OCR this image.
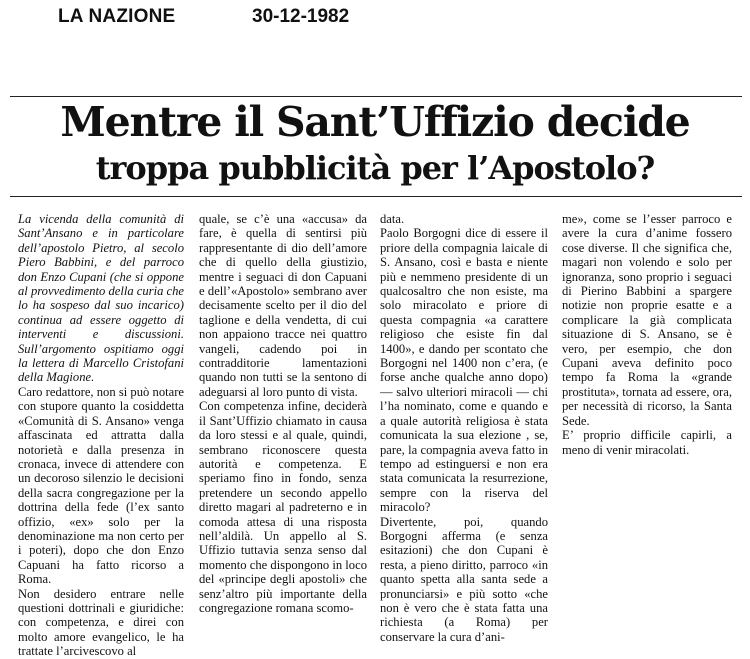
LA NAZIONE	30-12-1982
Mentre il Sant’Uffizio decide
troppa pubblicità per l’Apostolo?

La vicenda della comunità di Sant’Ansano e in particolare dell’apostolo Pietro, al secolo Piero Babbini, e del parroco don Enzo Cupani (che si oppone al provvedimento della curia che lo ha sospeso dal suo incarico) continua ad essere oggetto di interventi e discussioni. Sull’argomento ospitiamo oggi la lettera di Marcello Cristofani della Magione.

Caro redattore, non si può notare con stupore quanto la cosiddetta «Comunità di S. Ansano» venga affascinata ed attratta dalla notorietà e dalla presenza in cronaca, invece di attendere con un decoroso silenzio le decisioni della sacra congregazione per la dottrina della fede (l’ex santo offizio, «ex» solo per la denominazione ma non certo per i poteri), dopo che don Enzo Capuani ha fatto ricorso a Roma.

Non desidero entrare nelle questioni dottrinali e giuridiche: con competenza, e direi con molto amore evangelico, le ha trattate l’arcivescovo al

quale, se c’è una «accusa» da fare, è quella di sentirsi più rappresentante di dio dell’amore che di quello della giustizio, mentre i seguaci di don Capuani e dell’«Apostolo» sembrano aver decisamente scelto per il dio del taglione e della vendetta, di cui non appaiono tracce nei quattro vangeli, cadendo poi in contradditorie lamentazioni quando non tutti se la sentono di adeguarsi al loro punto di vista.

Con competenza infine, deciderà il Sant’Uffizio chiamato in causa da loro stessi e al quale, quindi, sembrano riconoscere questa autorità e competenza. E speriamo fino in fondo, senza pretendere un secondo appello diretto magari al padreterno e in comoda attesa di una risposta nell’aldilà. Un appello al S. Uffizio tuttavia senza senso dal momento che dispongono in loco del «principe degli apostoli» che senz’altro più importante della congregazione romana scomo-

data.

Paolo Borgogni dice di essere il priore della compagnia laicale di S. Ansano, così e basta e niente più e nemmeno presidente di un qualcosaltro che non esiste, ma solo miracolato e priore di questa compagnia «a carattere religioso che esiste fin dal 1400», e dando per scontato che Borgogni nel 1400 non c’era, (e forse anche qualche anno dopo) — salvo ulteriori miracoli — chi l’ha nominato, come e quando e a quale autorità religiosa è stata comunicata la sua elezione , se, pare, la compagnia aveva fatto in tempo ad estinguersi e non era stata comunicata la resurrezione, sempre con la riserva del miracolo?

Divertente, poi, quando Borgogni afferma (e senza esitazioni) che don Cupani è resta, a pieno diritto, parroco «in quanto spetta alla santa sede a pronunciarsi» e più sotto «che non è vero che è stata fatta una richiesta (a Roma) per conservare la cura d’ani-

me», come se l’esser parroco e avere la cura d’anime fossero cose diverse. Il che significa che, magari non volendo e solo per ignoranza, sono proprio i seguaci di Pierino Babbini a spargere notizie non proprie esatte e a complicare la già complicata situazione di S. Ansano, se è vero, per esempio, che don Cupani aveva definito poco tempo fa Roma la «grande prostituta», tornata ad essere, ora, per necessità di ricorso, la Santa Sede.

E’ proprio difficile capirli, a meno di venir miracolati.
